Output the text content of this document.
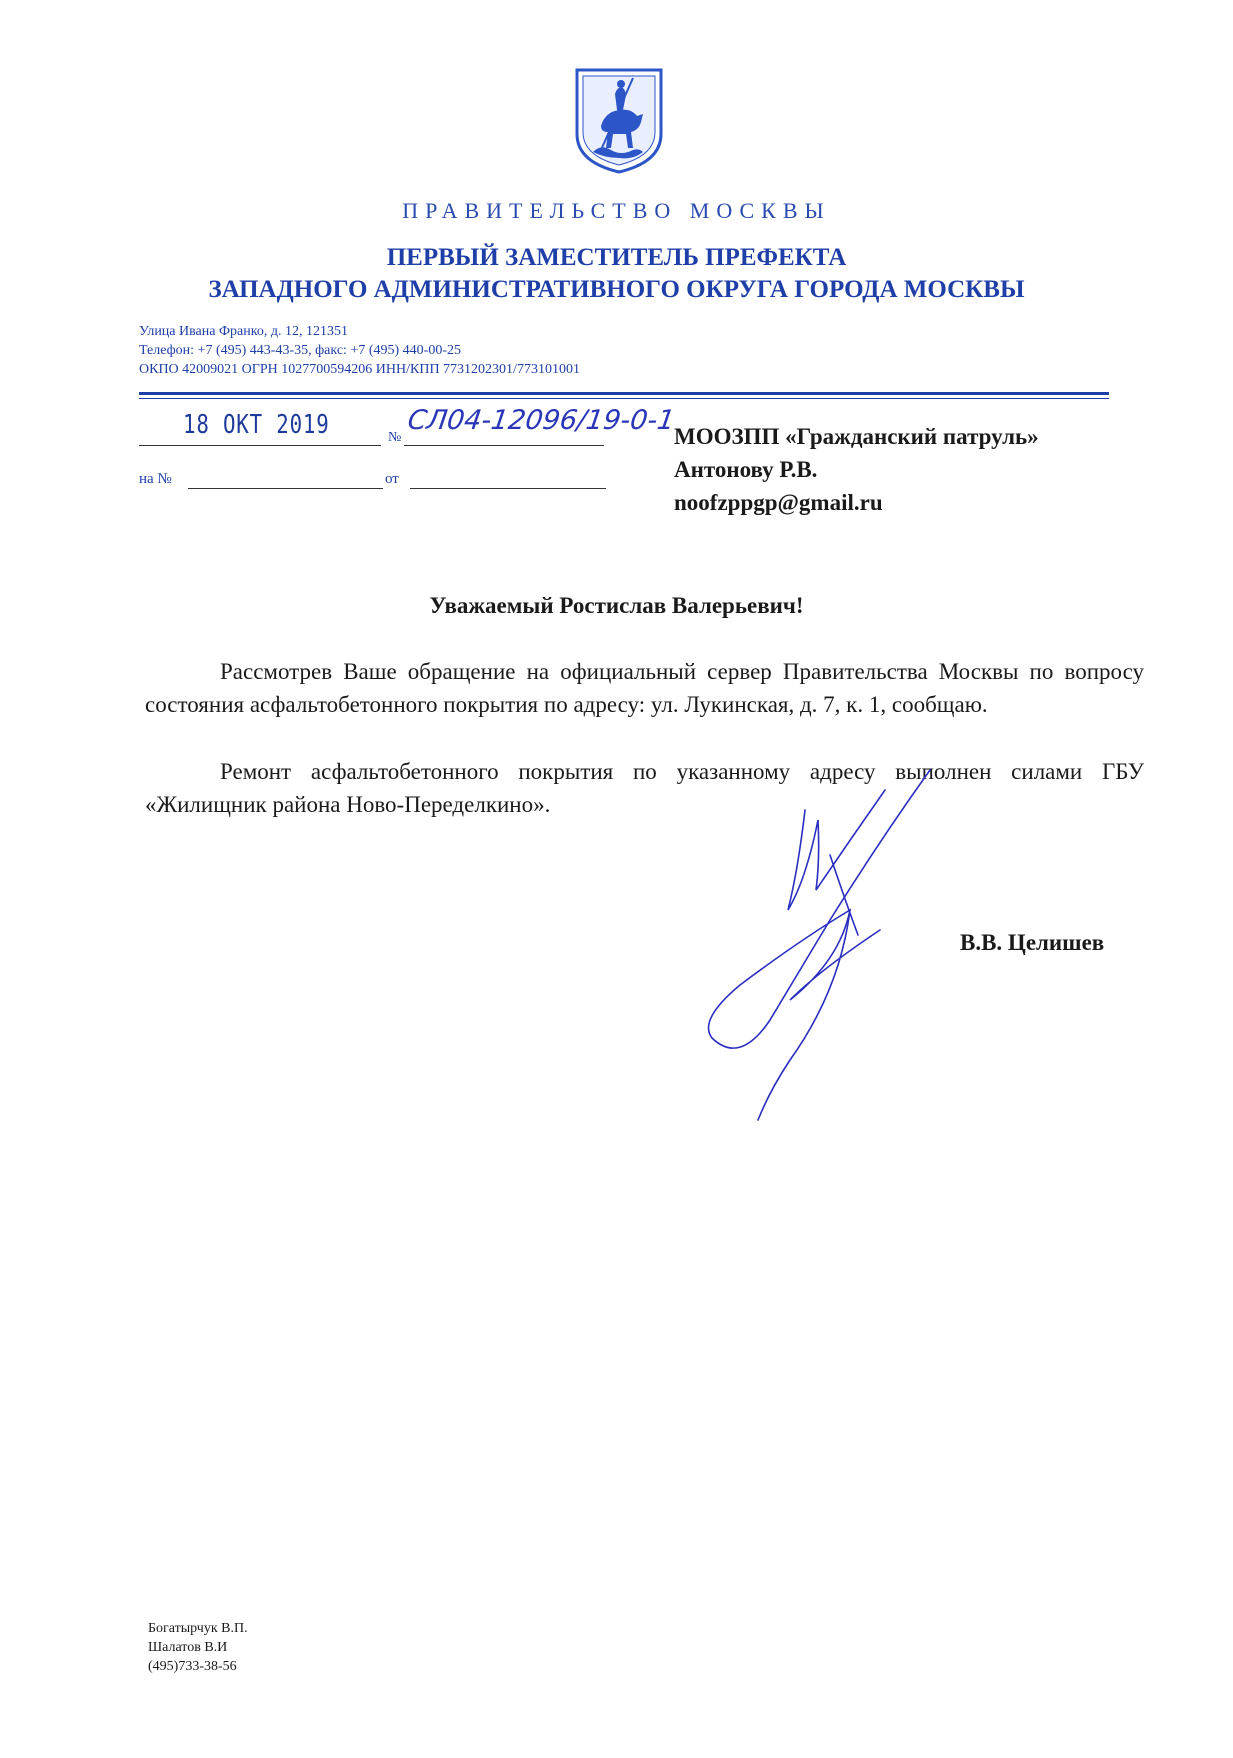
ПРАВИТЕЛЬСТВО МОСКВЫ
ПЕРВЫЙ ЗАМЕСТИТЕЛЬ ПРЕФЕКТА
ЗАПАДНОГО АДМИНИСТРАТИВНОГО ОКРУГА ГОРОДА МОСКВЫ
Улица Ивана Франко, д. 12, 121351
Телефон: +7 (495) 443-43-35, факс: +7 (495) 440-00-25
ОКПО 42009021 ОГРН 1027700594206 ИНН/КПП 7731202301/773101001
18 ОКТ 2019	№
СЛ04-12096/19-0-1
на №	от
МООЗПП «Гражданский патруль»
Антонову Р.В.
noofzppgp@gmail.ru
Уважаемый Ростислав Валерьевич!
Рассмотрев Ваше обращение на официальный сервер Правительства Москвы по вопросу состояния асфальтобетонного покрытия по адресу: ул. Лукинская, д. 7, к. 1, сообщаю.
Ремонт асфальтобетонного покрытия по указанному адресу выполнен силами ГБУ «Жилищник района Ново-Переделкино».
В.В. Целишев
Богатырчук В.П.
Шалатов В.И
(495)733-38-56
